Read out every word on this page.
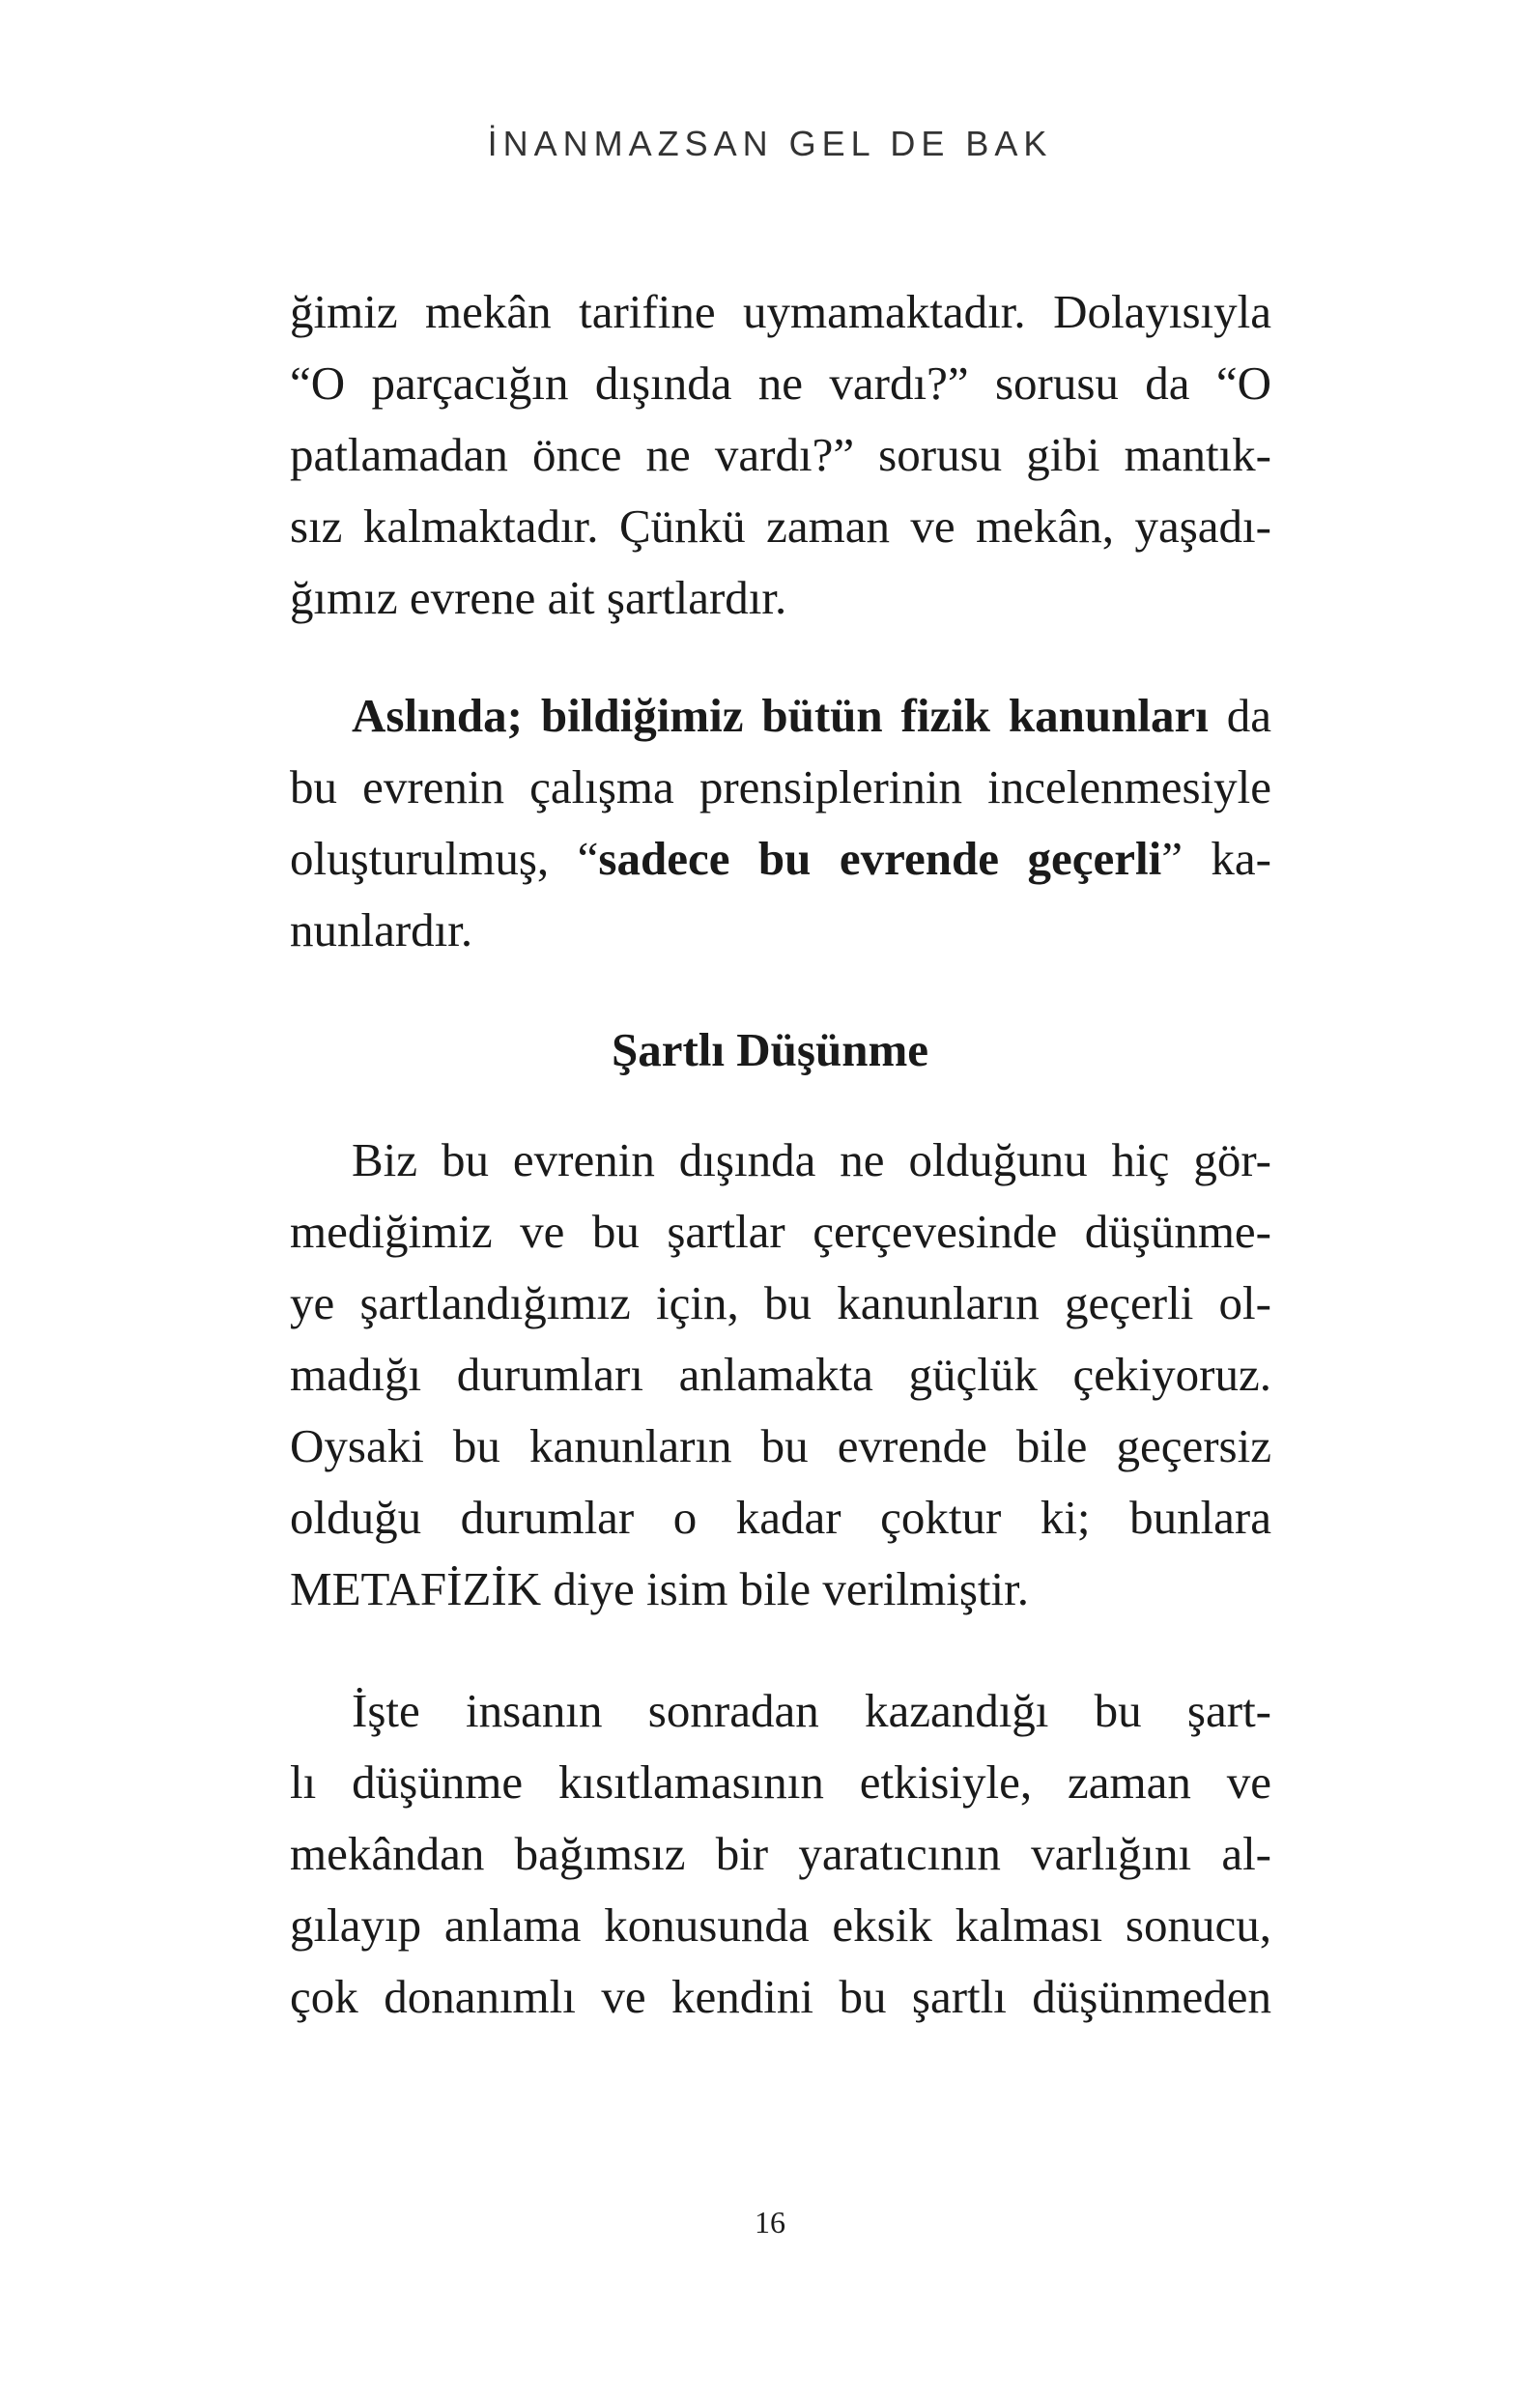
İNANMAZSAN GEL DE BAK
ğimiz mekân tarifine uymamaktadır. Dolayısıyla
“O parçacığın dışında ne vardı?” sorusu da “O
patlamadan önce ne vardı?” sorusu gibi mantık-
sız kalmaktadır. Çünkü zaman ve mekân, yaşadı-
ğımız evrene ait şartlardır.
Aslında; bildiğimiz bütün fizik kanunları da
bu evrenin çalışma prensiplerinin incelenmesiyle
oluşturulmuş, “sadece bu evrende geçerli” ka-
nunlardır.
Şartlı Düşünme
Biz bu evrenin dışında ne olduğunu hiç gör-
mediğimiz ve bu şartlar çerçevesinde düşünme-
ye şartlandığımız için, bu kanunların geçerli ol-
madığı durumları anlamakta güçlük çekiyoruz.
Oysaki bu kanunların bu evrende bile geçersiz
olduğu durumlar o kadar çoktur ki; bunlara
METAFİZİK diye isim bile verilmiştir.
İşte insanın sonradan kazandığı bu şart-
lı düşünme kısıtlamasının etkisiyle, zaman ve
mekândan bağımsız bir yaratıcının varlığını al-
gılayıp anlama konusunda eksik kalması sonucu,
çok donanımlı ve kendini bu şartlı düşünmeden
16
